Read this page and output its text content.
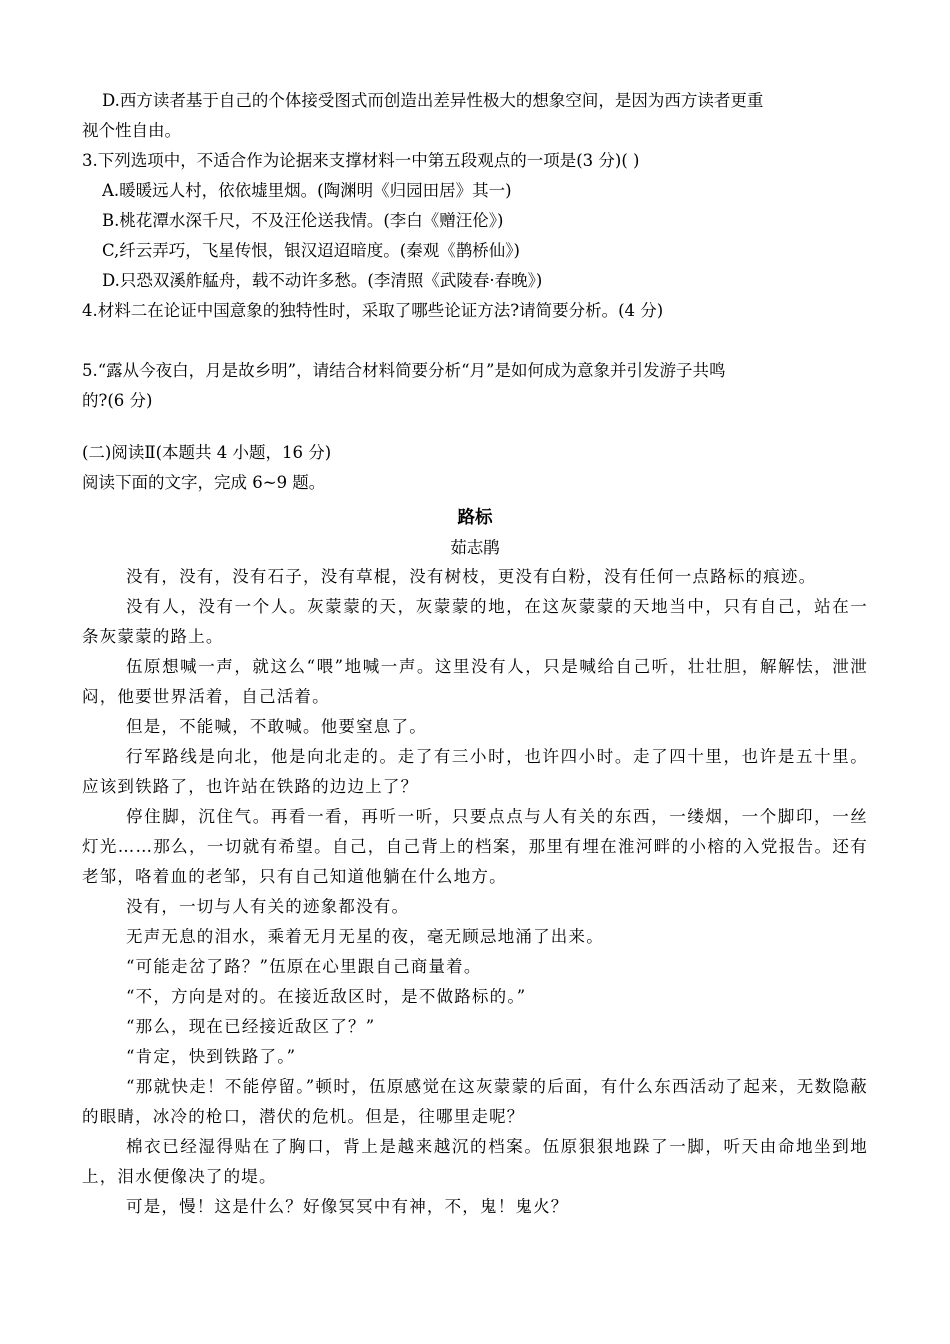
D.西方读者基于自己的个体接受图式而创造出差异性极大的想象空间，是因为西方读者更重
视个性自由。

3.下列选项中，不适合作为论据来支撑材料一中第五段观点的一项是(3 分)( )

A.暖暖远人村，依依墟里烟。(陶渊明《归园田居》其一)

B.桃花潭水深千尺，不及汪伦送我情。(李白《赠汪伦》)

C,纤云弄巧，飞星传恨，银汉迢迢暗度。(秦观《鹊桥仙》)

D.只恐双溪舴艋舟，载不动许多愁。(李清照《武陵春·春晚》)

4.材料二在论证中国意象的独特性时，采取了哪些论证方法?请简要分析。(4 分)

5.“露从今夜白，月是故乡明”，请结合材料简要分析“月”是如何成为意象并引发游子共鸣
的?(6 分)

(二)阅读Ⅱ(本题共 4 小题，16 分)

阅读下面的文字，完成 6~9 题。

路标

茹志鹃

没有，没有，没有石子，没有草棍，没有树枝，更没有白粉，没有任何一点路标的痕迹。

没有人，没有一个人。灰蒙蒙的天，灰蒙蒙的地，在这灰蒙蒙的天地当中，只有自己，站在一条灰蒙蒙的路上。

伍原想喊一声，就这么“喂”地喊一声。这里没有人，只是喊给自己听，壮壮胆，解解怯，泄泄闷，他要世界活着，自己活着。

但是，不能喊，不敢喊。他要窒息了。

行军路线是向北，他是向北走的。走了有三小时，也许四小时。走了四十里，也许是五十里。应该到铁路了，也许站在铁路的边边上了？

停住脚，沉住气。再看一看，再听一听，只要点点与人有关的东西，一缕烟，一个脚印，一丝灯光……那么，一切就有希望。自己，自己背上的档案，那里有埋在淮河畔的小榕的入党报告。还有老邹，咯着血的老邹，只有自己知道他躺在什么地方。

没有，一切与人有关的迹象都没有。

无声无息的泪水，乘着无月无星的夜，毫无顾忌地涌了出来。

“可能走岔了路？”伍原在心里跟自己商量着。

“不，方向是对的。在接近敌区时，是不做路标的。”

“那么，现在已经接近敌区了？”

“肯定，快到铁路了。”

“那就快走！不能停留。”顿时，伍原感觉在这灰蒙蒙的后面，有什么东西活动了起来，无数隐蔽的眼睛，冰冷的枪口，潜伏的危机。但是，往哪里走呢？

棉衣已经湿得贴在了胸口，背上是越来越沉的档案。伍原狠狠地跺了一脚，听天由命地坐到地上，泪水便像决了的堤。

可是，慢！这是什么？好像冥冥中有神，不，鬼！鬼火？
